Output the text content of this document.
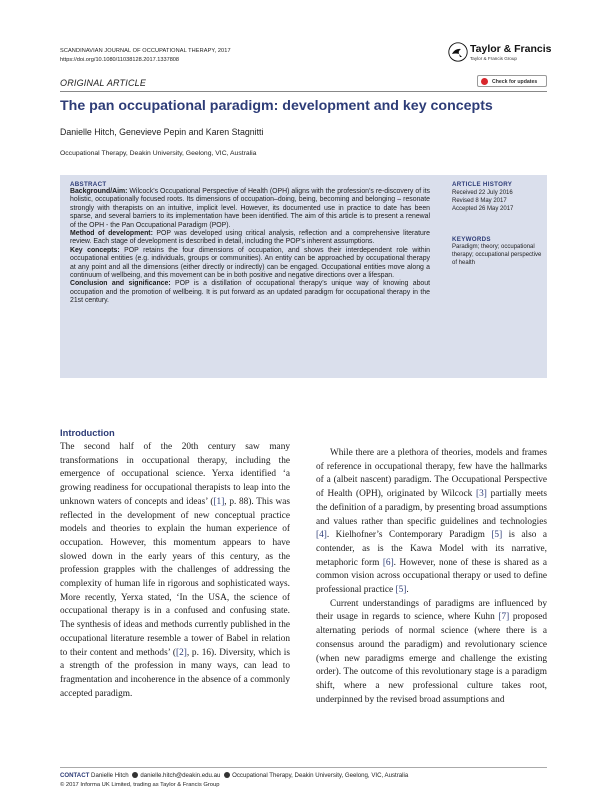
SCANDINAVIAN JOURNAL OF OCCUPATIONAL THERAPY, 2017
https://doi.org/10.1080/11038128.2017.1337808
Taylor & Francis
Taylor & Francis Group
Check for updates
ORIGINAL ARTICLE
The pan occupational paradigm: development and key concepts
Danielle Hitch, Genevieve Pepin and Karen Stagnitti
Occupational Therapy, Deakin University, Geelong, VIC, Australia
ABSTRACT

Background/Aim: Wilcock’s Occupational Perspective of Health (OPH) aligns with the profession’s re-discovery of its holistic, occupationally focused roots. Its dimensions of occupation–doing, being, becoming and belonging – resonate strongly with therapists on an intuitive, implicit level. However, its documented use in practice to date has been sparse, and several barriers to its implementation have been identified. The aim of this article is to present a renewal of the OPH - the Pan Occupational Paradigm (POP).

Method of development: POP was developed using critical analysis, reflection and a comprehensive literature review. Each stage of development is described in detail, including the POP’s inherent assumptions.

Key concepts: POP retains the four dimensions of occupation, and shows their interdependent role within occupational entities (e.g. individuals, groups or communities). An entity can be approached by occupational therapy at any point and all the dimensions (either directly or indirectly) can be engaged. Occupational entities move along a continuum of wellbeing, and this movement can be in both positive and negative directions over a lifespan.

Conclusion and significance: POP is a distillation of occupational therapy’s unique way of knowing about occupation and the promotion of wellbeing. It is put forward as an updated paradigm for occupational therapy in the 21st century.

ARTICLE HISTORY
Received 22 July 2016
Revised 8 May 2017
Accepted 26 May 2017
KEYWORDS
Paradigm; theory; occupational therapy; occupational perspective of health
Introduction

The second half of the 20th century saw many transformations in occupational therapy, including the emergence of occupational science. Yerxa identified ‘a growing readiness for occupational therapists to leap into the unknown waters of concepts and ideas’ ([1], p. 88). This was reflected in the development of new conceptual practice models and theories to explain the human experience of occupation. However, this momentum appears to have slowed down in the early years of this century, as the profession grapples with the challenges of addressing the complexity of human life in rigorous and sophisticated ways. More recently, Yerxa stated, ‘In the USA, the science of occupational therapy is in a confused and confusing state. The synthesis of ideas and methods currently published in the occupational literature resemble a tower of Babel in relation to their content and methods’ ([2], p. 16). Diversity, which is a strength of the profession in many ways, can lead to fragmentation and incoherence in the absence of a commonly accepted paradigm.

While there are a plethora of theories, models and frames of reference in occupational therapy, few have the hallmarks of a (albeit nascent) paradigm. The Occupational Perspective of Health (OPH), originated by Wilcock [3] partially meets the definition of a paradigm, by presenting broad assumptions and values rather than specific guidelines and technologies [4]. Kielhofner’s Contemporary Paradigm [5] is also a contender, as is the Kawa Model with its narrative, metaphoric form [6]. However, none of these is shared as a common vision across occupational therapy or used to define professional practice [5].

Current understandings of paradigms are influenced by their usage in regards to science, where Kuhn [7] proposed alternating periods of normal science (where there is a consensus around the paradigm) and revolutionary science (when new paradigms emerge and challenge the existing order). The outcome of this revolutionary stage is a paradigm shift, where a new professional culture takes root, underpinned by the revised broad assumptions and

CONTACT Danielle Hitch danielle.hitch@deakin.edu.au Occupational Therapy, Deakin University, Geelong, VIC, Australia
© 2017 Informa UK Limited, trading as Taylor & Francis Group
